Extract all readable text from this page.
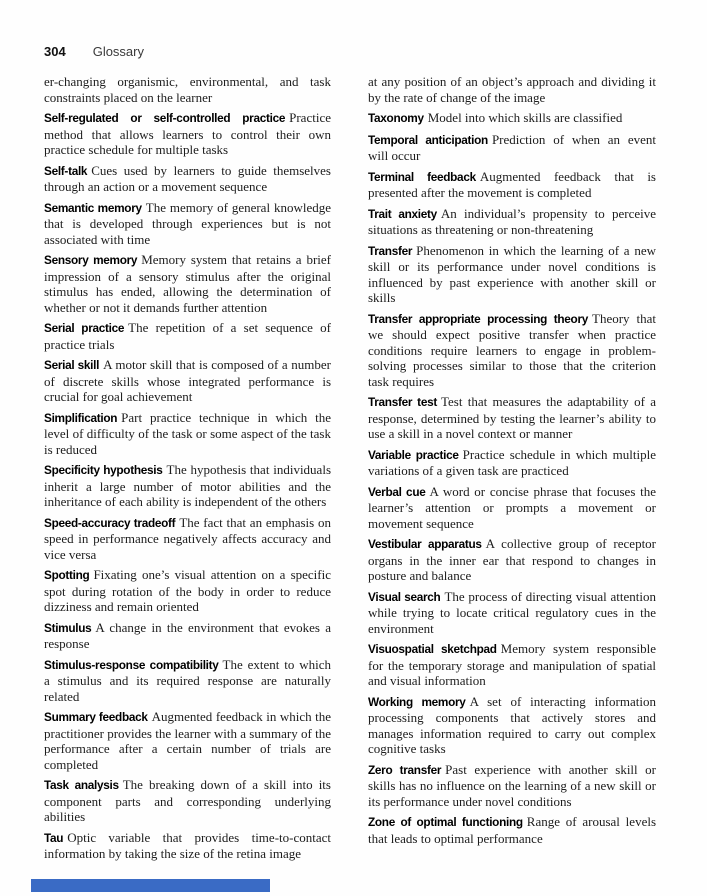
304 Glossary

er-changing organismic, environmental, and task constraints placed on the learner

Self-regulated or self-controlled practice Practice method that allows learners to control their own practice schedule for multiple tasks

Self-talk Cues used by learners to guide themselves through an action or a movement sequence

Semantic memory The memory of general knowledge that is developed through experiences but is not associated with time

Sensory memory Memory system that retains a brief impression of a sensory stimulus after the original stimulus has ended, allowing the determination of whether or not it demands further attention

Serial practice The repetition of a set sequence of practice trials

Serial skill A motor skill that is composed of a number of discrete skills whose integrated performance is crucial for goal achievement

Simplification Part practice technique in which the level of difficulty of the task or some aspect of the task is reduced

Specificity hypothesis The hypothesis that individuals inherit a large number of motor abilities and the inheritance of each ability is independent of the others

Speed-accuracy tradeoff The fact that an emphasis on speed in performance negatively affects accuracy and vice versa

Spotting Fixating one’s visual attention on a specific spot during rotation of the body in order to reduce dizziness and remain oriented

Stimulus A change in the environment that evokes a response

Stimulus-response compatibility The extent to which a stimulus and its required response are naturally related

Summary feedback Augmented feedback in which the practitioner provides the learner with a summary of the performance after a certain number of trials are completed

Task analysis The breaking down of a skill into its component parts and corresponding underlying abilities

Tau Optic variable that provides time-to-contact information by taking the size of the retina image

at any position of an object’s approach and dividing it by the rate of change of the image

Taxonomy Model into which skills are classified

Temporal anticipation Prediction of when an event will occur

Terminal feedback Augmented feedback that is presented after the movement is completed

Trait anxiety An individual’s propensity to perceive situations as threatening or non-threatening

Transfer Phenomenon in which the learning of a new skill or its performance under novel conditions is influenced by past experience with another skill or skills

Transfer appropriate processing theory Theory that we should expect positive transfer when practice conditions require learners to engage in problem-solving processes similar to those that the criterion task requires

Transfer test Test that measures the adaptability of a response, determined by testing the learner’s ability to use a skill in a novel context or manner

Variable practice Practice schedule in which multiple variations of a given task are practiced

Verbal cue A word or concise phrase that focuses the learner’s attention or prompts a movement or movement sequence

Vestibular apparatus A collective group of receptor organs in the inner ear that respond to changes in posture and balance

Visual search The process of directing visual attention while trying to locate critical regulatory cues in the environment

Visuospatial sketchpad Memory system responsible for the temporary storage and manipulation of spatial and visual information

Working memory A set of interacting information processing components that actively stores and manages information required to carry out complex cognitive tasks

Zero transfer Past experience with another skill or skills has no influence on the learning of a new skill or its performance under novel conditions

Zone of optimal functioning Range of arousal levels that leads to optimal performance
